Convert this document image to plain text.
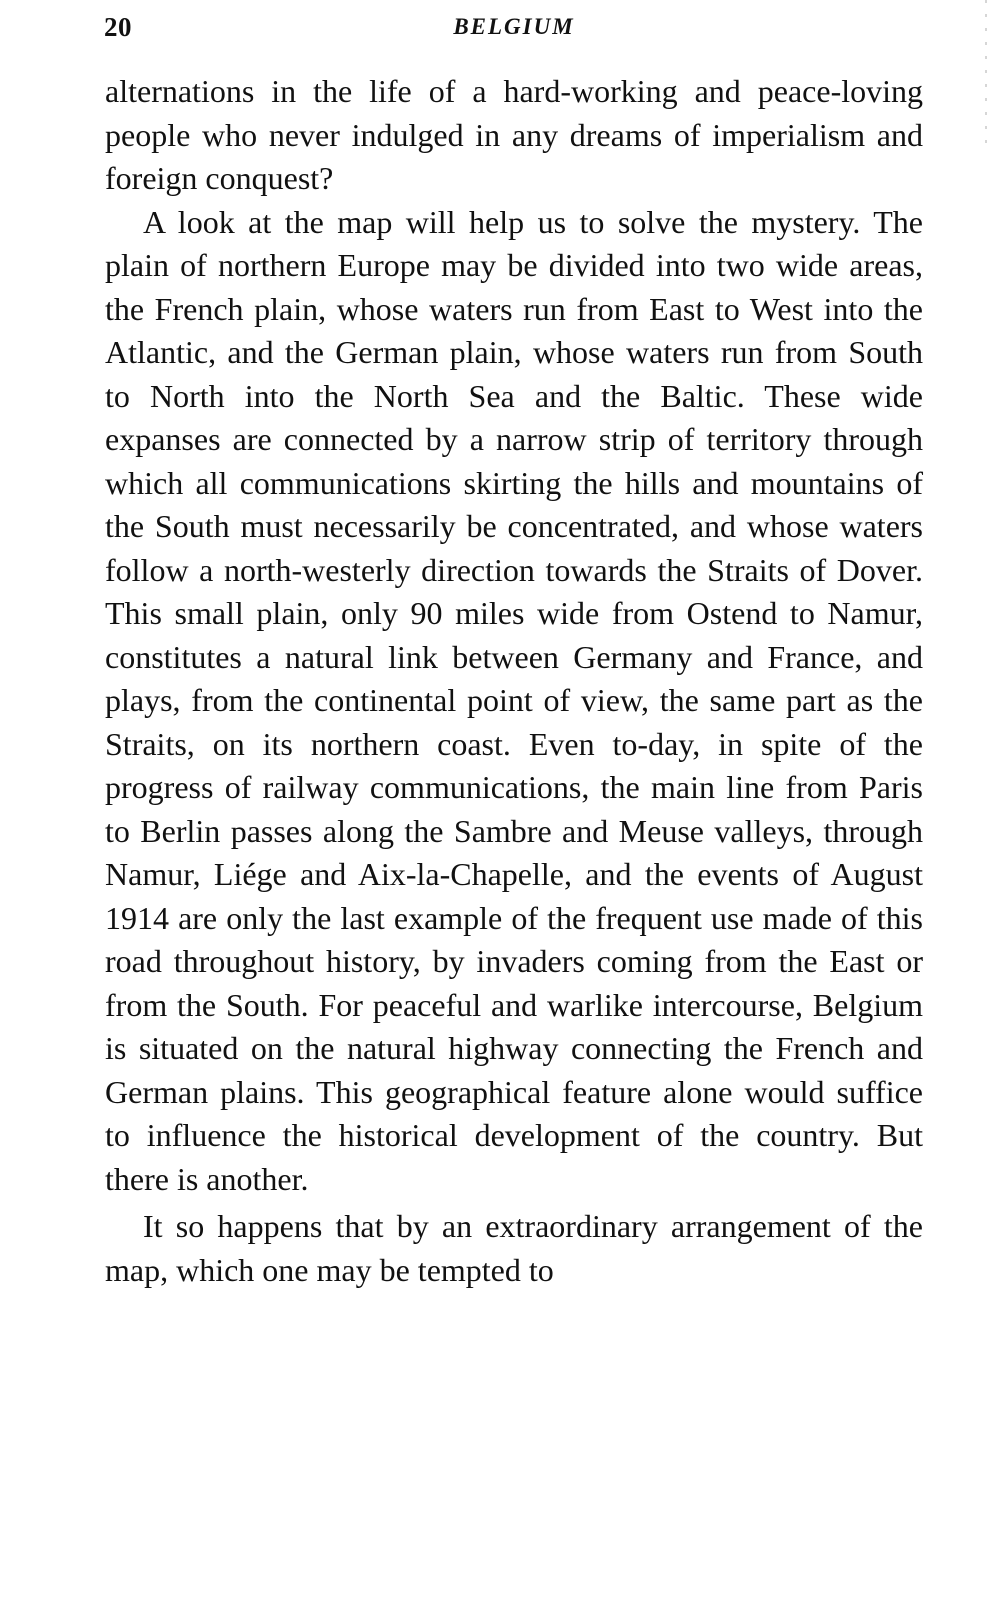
20	BELGIUM

alternations in the life of a hard-working and peace-loving people who never indulged in any dreams of imperialism and foreign conquest?

A look at the map will help us to solve the mystery. The plain of northern Europe may be divided into two wide areas, the French plain, whose waters run from East to West into the Atlantic, and the German plain, whose waters run from South to North into the North Sea and the Baltic. These wide expanses are connected by a narrow strip of territory through which all communications skirting the hills and mountains of the South must necessarily be concentrated, and whose waters follow a north-westerly direction towards the Straits of Dover. This small plain, only 90 miles wide from Ostend to Namur, constitutes a natural link between Germany and France, and plays, from the continental point of view, the same part as the Straits, on its northern coast. Even to-day, in spite of the progress of railway communications, the main line from Paris to Berlin passes along the Sambre and Meuse valleys, through Namur, Liége and Aix-la-Chapelle, and the events of August 1914 are only the last example of the frequent use made of this road throughout history, by invaders coming from the East or from the South. For peaceful and warlike intercourse, Belgium is situated on the natural highway connecting the French and German plains. This geographical feature alone would suffice to influence the historical development of the country. But there is another.

It so happens that by an extraordinary arrangement of the map, which one may be tempted to
